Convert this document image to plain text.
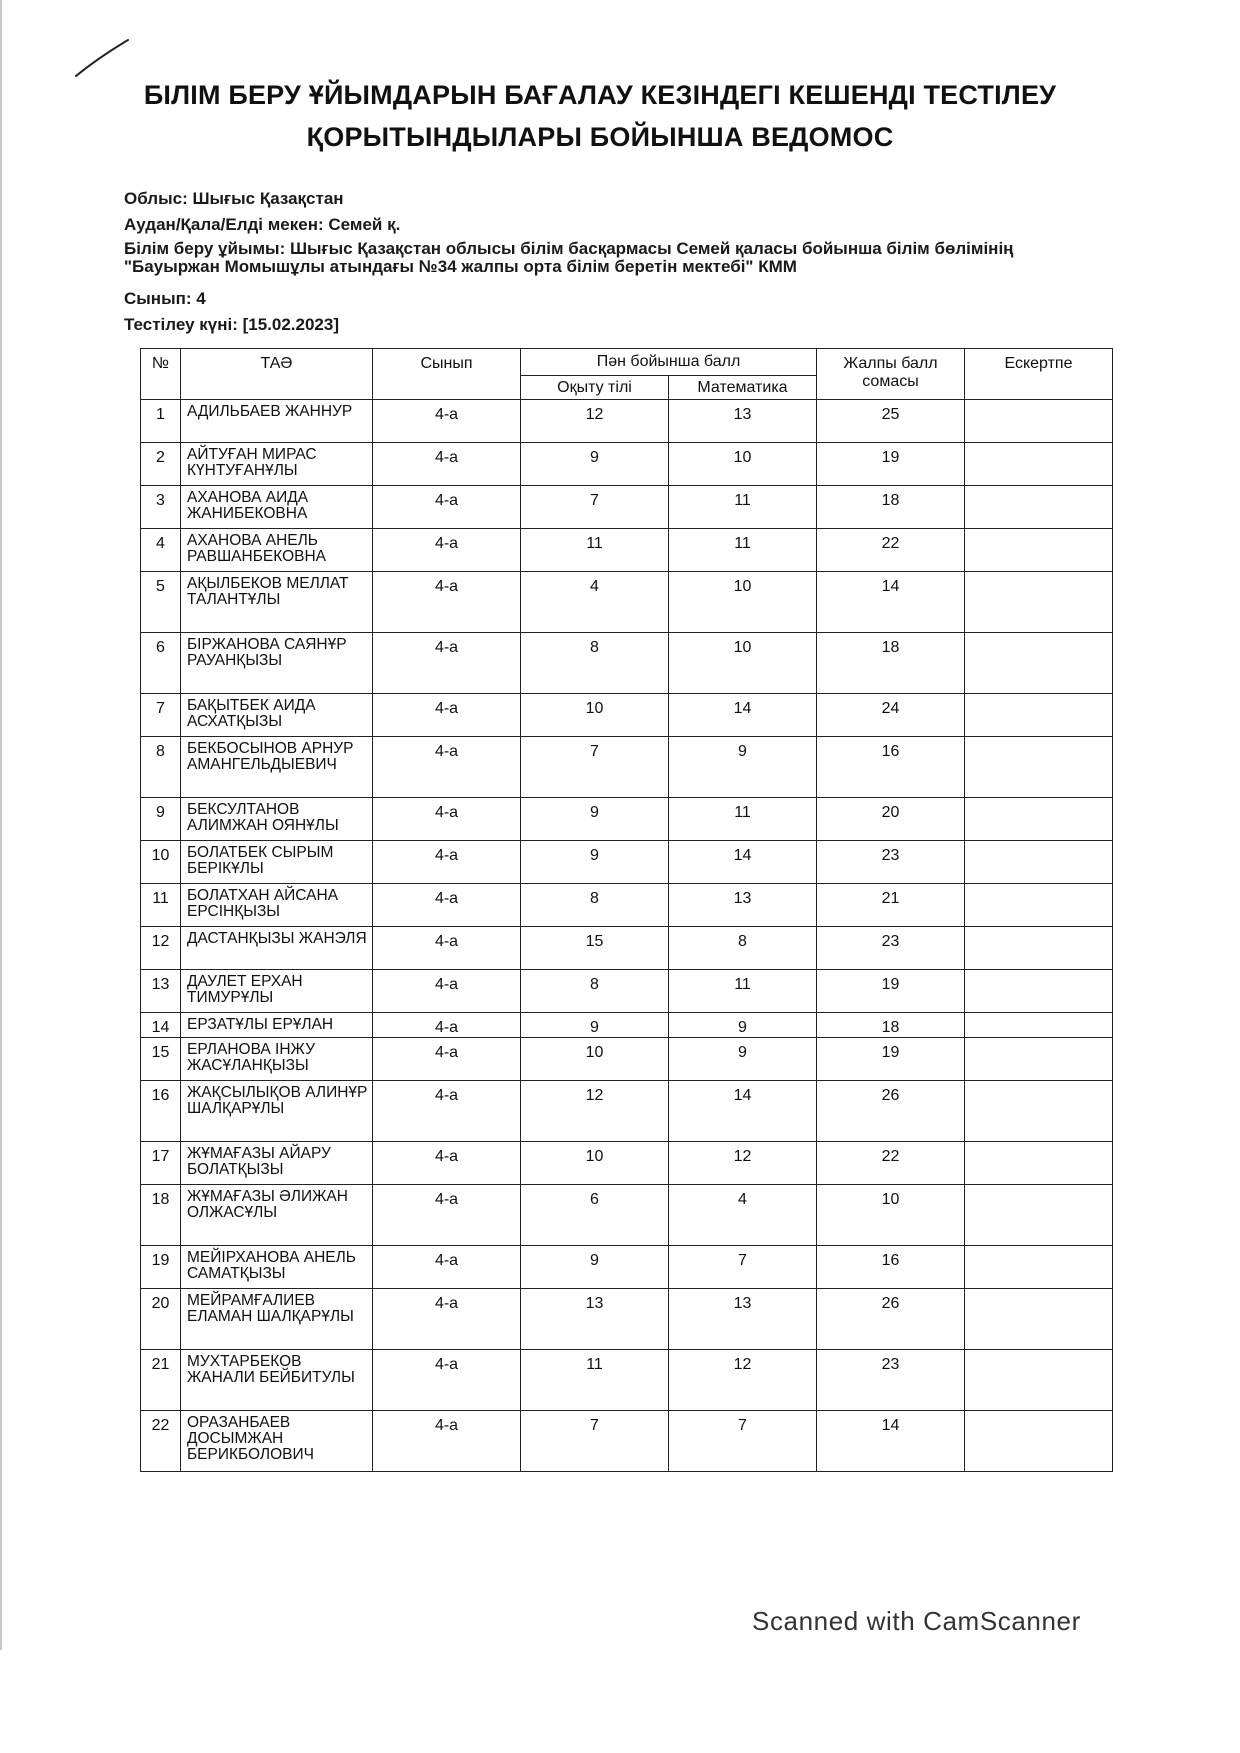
БІЛІМ БЕРУ ҰЙЫМДАРЫН БАҒАЛАУ КЕЗІНДЕГІ КЕШЕНДІ ТЕСТІЛЕУ
ҚОРЫТЫНДЫЛАРЫ БОЙЫНША ВЕДОМОС
Облыс: Шығыс Қазақстан
Аудан/Қала/Елді мекен: Семей қ.
Білім беру ұйымы: Шығыс Қазақстан облысы білім басқармасы Семей қаласы бойынша білім бөлімінің
"Бауыржан Момышұлы атындағы №34 жалпы орта білім беретін мектебі" КММ
Сынып: 4
Тестілеу күні: [15.02.2023]
№	ТАӘ	Сынып	Пән бойынша балл		Жалпы балл сомасы	Ескертпе
			Оқыту тілі	Математика		
1	АДИЛЬБАЕВ ЖАННУР	4-а	12	13	25	
2	АЙТУҒАН МИРАС КҮНТУҒАНҰЛЫ	4-а	9	10	19	
3	АХАНОВА АИДА ЖАНИБЕКОВНА	4-а	7	11	18	
4	АХАНОВА АНЕЛЬ РАВШАНБЕКОВНА	4-а	11	11	22	
5	АҚЫЛБЕКОВ МЕЛЛАТ ТАЛАНТҰЛЫ	4-а	4	10	14	
6	БІРЖАНОВА САЯНҰР РАУАНҚЫЗЫ	4-а	8	10	18	
7	БАҚЫТБЕК АИДА АСХАТҚЫЗЫ	4-а	10	14	24	
8	БЕКБОСЫНОВ АРНУР АМАНГЕЛЬДЫЕВИЧ	4-а	7	9	16	
9	БЕКСУЛТАНОВ АЛИМЖАН ОЯНҰЛЫ	4-а	9	11	20	
10	БОЛАТБЕК СЫРЫМ БЕРІКҰЛЫ	4-а	9	14	23	
11	БОЛАТХАН АЙСАНА ЕРСІНҚЫЗЫ	4-а	8	13	21	
12	ДАСТАНҚЫЗЫ ЖАНЭЛЯ	4-а	15	8	23	
13	ДАУЛЕТ ЕРХАН ТИМУРҰЛЫ	4-а	8	11	19	
14	ЕРЗАТҰЛЫ ЕРҰЛАН	4-а	9	9	18	
15	ЕРЛАНОВА ІНЖУ ЖАСҰЛАНҚЫЗЫ	4-а	10	9	19	
16	ЖАҚСЫЛЫҚОВ АЛИНҰР ШАЛҚАРҰЛЫ	4-а	12	14	26	
17	ЖҰМАҒАЗЫ АЙАРУ БОЛАТҚЫЗЫ	4-а	10	12	22	
18	ЖҰМАҒАЗЫ ӘЛИЖАН ОЛЖАСҰЛЫ	4-а	6	4	10	
19	МЕЙІРХАНОВА АНЕЛЬ САМАТҚЫЗЫ	4-а	9	7	16	
20	МЕЙРАМҒАЛИЕВ ЕЛАМАН ШАЛҚАРҰЛЫ	4-а	13	13	26	
21	МУХТАРБЕКОВ ЖАНАЛИ БЕЙБИТУЛЫ	4-а	11	12	23	
22	ОРАЗАНБАЕВ ДОСЫМЖАН БЕРИКБОЛОВИЧ	4-а	7	7	14	
Scanned with CamScanner
